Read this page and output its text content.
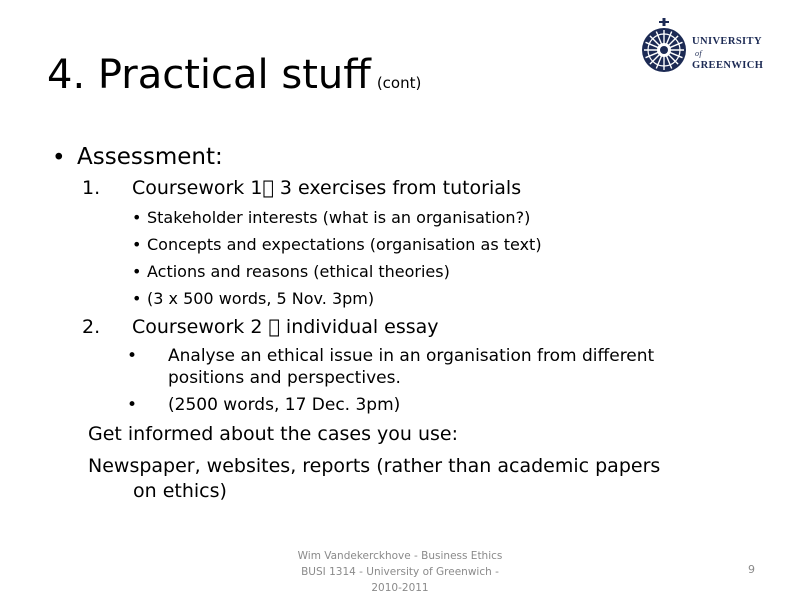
4. Practical stuff (cont)
UNIVERSITY
of
GREENWICH
• Assessment:
1. Coursework 1 3 exercises from tutorials
• Stakeholder interests (what is an organisation?)
• Concepts and expectations (organisation as text)
• Actions and reasons (ethical theories)
• (3 x 500 words, 5 Nov. 3pm)
2. Coursework 2 individual essay
• Analyse an ethical issue in an organisation from different
positions and perspectives.
• (2500 words, 17 Dec. 3pm)
Get informed about the cases you use:
Newspaper, websites, reports (rather than academic papers
on ethics)
Wim Vandekerckhove - Business Ethics
BUSI 1314 - University of Greenwich -
2010-2011
9
